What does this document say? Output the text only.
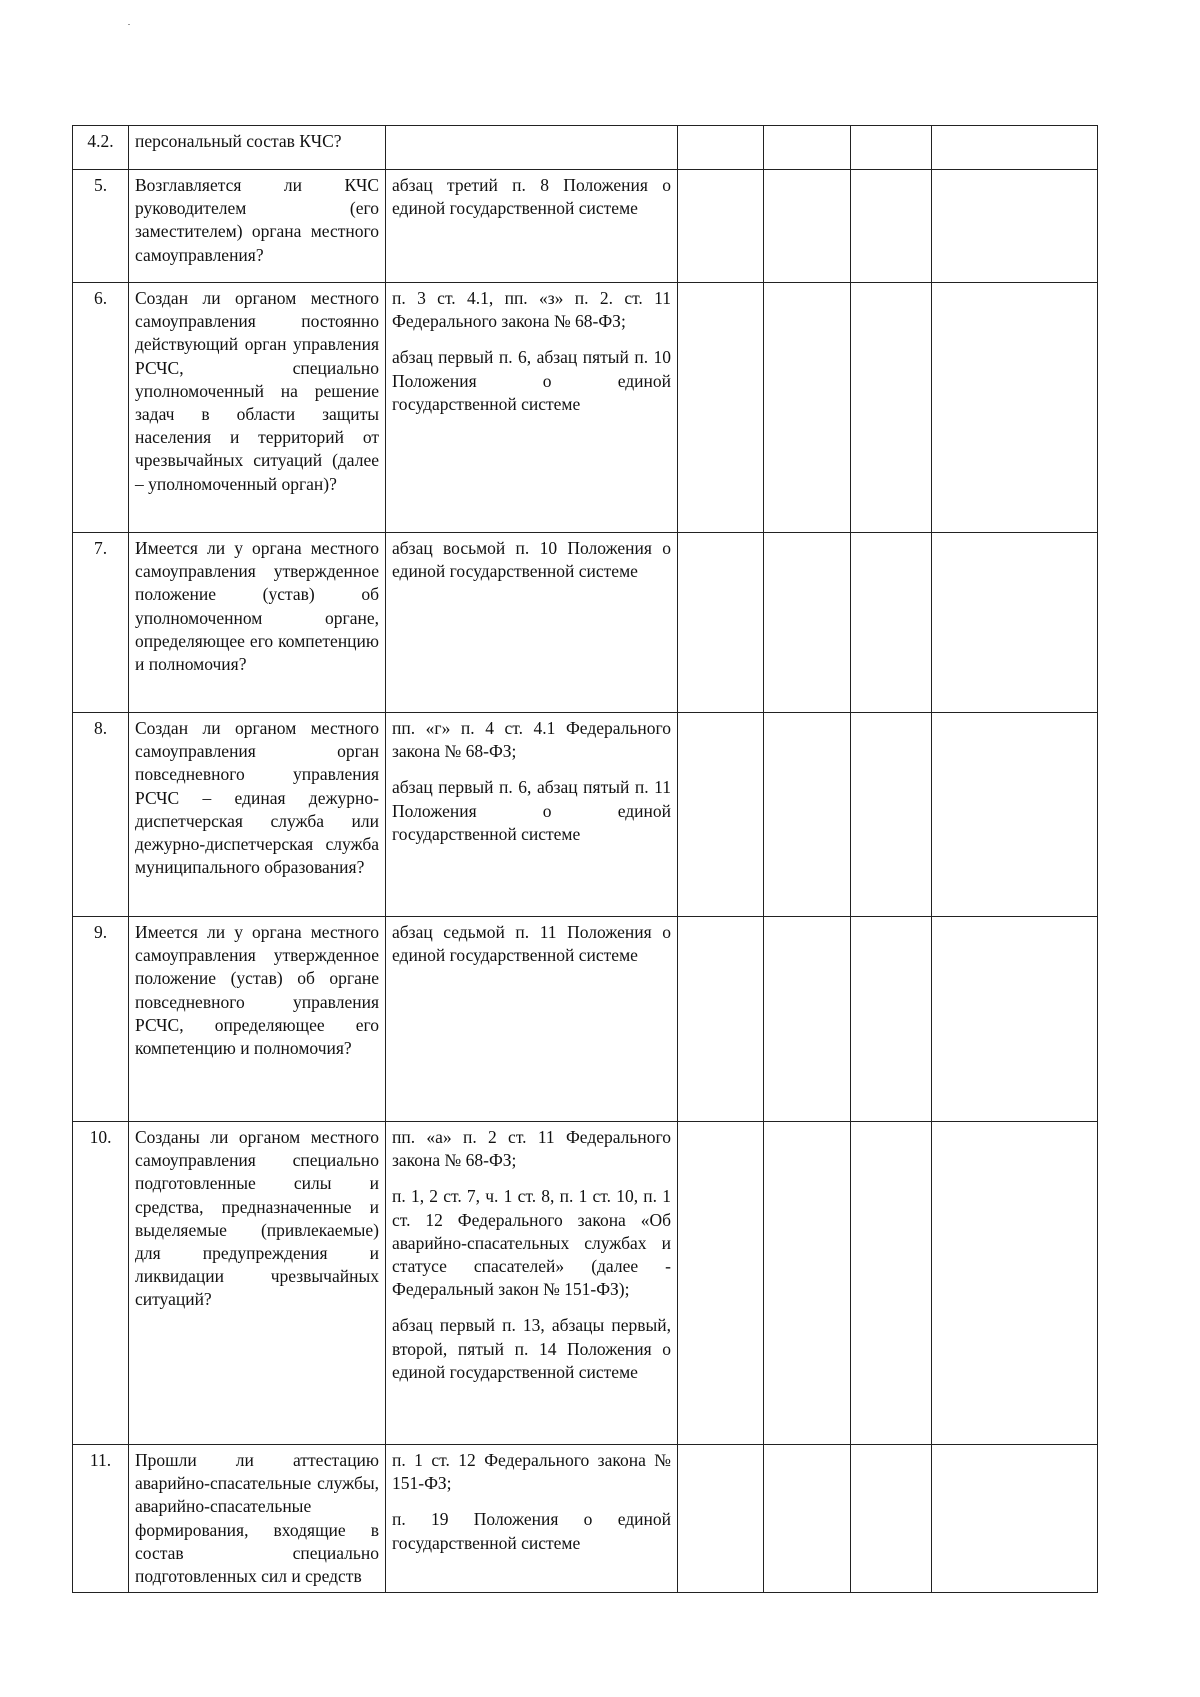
4.2.	персональный состав КЧС?					
5.	Возглавляется ли КЧС руководителем (его заместителем) органа местного самоуправления?	абзац третий п. 8 Положения о единой государственной системе				

6.	Создан ли органом местного самоуправления постоянно действующий орган управления РСЧС, специально уполномоченный на решение задач в области защиты населения и территорий от чрезвычайных ситуаций (далее – уполномоченный орган)?	п. 3 ст. 4.1, пп. «з» п. 2. ст. 11 Федерального закона № 68-ФЗ;

абзац первый п. 6, абзац пятый п. 10 Положения о единой государственной системе				

7.	Имеется ли у органа местного самоуправления утвержденное положение (устав) об уполномоченном органе, определяющее его компетенцию и полномочия?	абзац восьмой п. 10 Положения о единой государственной системе				

8.	Создан ли органом местного самоуправления орган повседневного управления РСЧС – единая дежурно-диспетчерская служба или дежурно-диспетчерская служба муниципального образования?	пп. «г» п. 4 ст. 4.1 Федерального закона № 68-ФЗ;

абзац первый п. 6, абзац пятый п. 11 Положения о единой государственной системе				

9.	Имеется ли у органа местного самоуправления утвержденное положение (устав) об органе повседневного управления РСЧС, определяющее его компетенцию и полномочия?	абзац седьмой п. 11 Положения о единой государственной системе				

10.	Созданы ли органом местного самоуправления специально подготовленные силы и средства, предназначенные и выделяемые (привлекаемые) для предупреждения и ликвидации чрезвычайных ситуаций?	пп. «а» п. 2 ст. 11 Федерального закона № 68-ФЗ;

п. 1, 2 ст. 7, ч. 1 ст. 8, п. 1 ст. 10, п. 1 ст. 12 Федерального закона «Об аварийно-спасательных службах и статусе спасателей» (далее - Федеральный закон № 151-ФЗ);

абзац первый п. 13, абзацы первый, второй, пятый п. 14 Положения о единой государственной системе				

11.	Прошли ли аттестацию аварийно-спасательные службы, аварийно-спасательные формирования, входящие в состав специально подготовленных сил и средств	п. 1 ст. 12 Федерального закона № 151-ФЗ;

п. 19 Положения о единой государственной системе				
